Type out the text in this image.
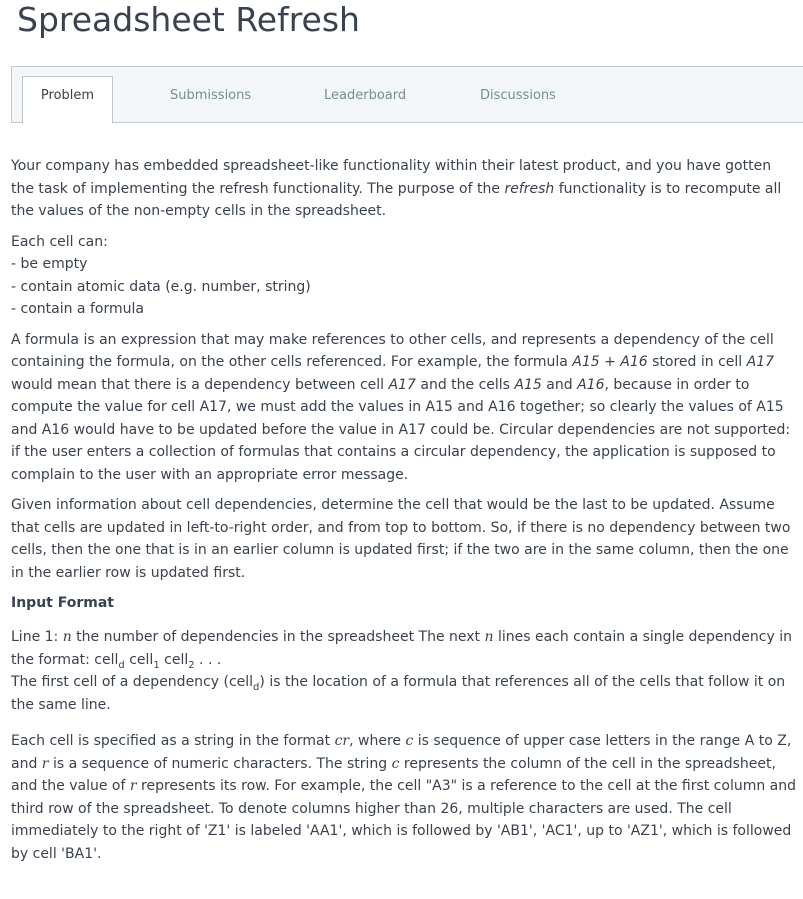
Spreadsheet Refresh
Problem	Submissions	Leaderboard	Discussions

Your company has embedded spreadsheet-like functionality within their latest product, and you have gotten the task of implementing the refresh functionality. The purpose of the refresh functionality is to recompute all the values of the non-empty cells in the spreadsheet.

Each cell can:
- be empty
- contain atomic data (e.g. number, string)
- contain a formula

A formula is an expression that may make references to other cells, and represents a dependency of the cell containing the formula, on the other cells referenced. For example, the formula A15 + A16 stored in cell A17 would mean that there is a dependency between cell A17 and the cells A15 and A16, because in order to compute the value for cell A17, we must add the values in A15 and A16 together; so clearly the values of A15 and A16 would have to be updated before the value in A17 could be. Circular dependencies are not supported: if the user enters a collection of formulas that contains a circular dependency, the application is supposed to complain to the user with an appropriate error message.

Given information about cell dependencies, determine the cell that would be the last to be updated. Assume that cells are updated in left-to-right order, and from top to bottom. So, if there is no dependency between two cells, then the one that is in an earlier column is updated first; if the two are in the same column, then the one in the earlier row is updated first.

Input Format

Line 1: n the number of dependencies in the spreadsheet The next n lines each contain a single dependency in the format: cell$_d$ cell$_1$ cell$_2$ . . .

The first cell of a dependency (cell$_d$) is the location of a formula that references all of the cells that follow it on the same line.

Each cell is specified as a string in the format cr, where c is sequence of upper case letters in the range A to Z, and r is a sequence of numeric characters. The string c represents the column of the cell in the spreadsheet, and the value of r represents its row. For example, the cell "A3" is a reference to the cell at the first column and third row of the spreadsheet. To denote columns higher than 26, multiple characters are used. The cell immediately to the right of 'Z1' is labeled 'AA1', which is followed by 'AB1', 'AC1', up to 'AZ1', which is followed by cell 'BA1'.
